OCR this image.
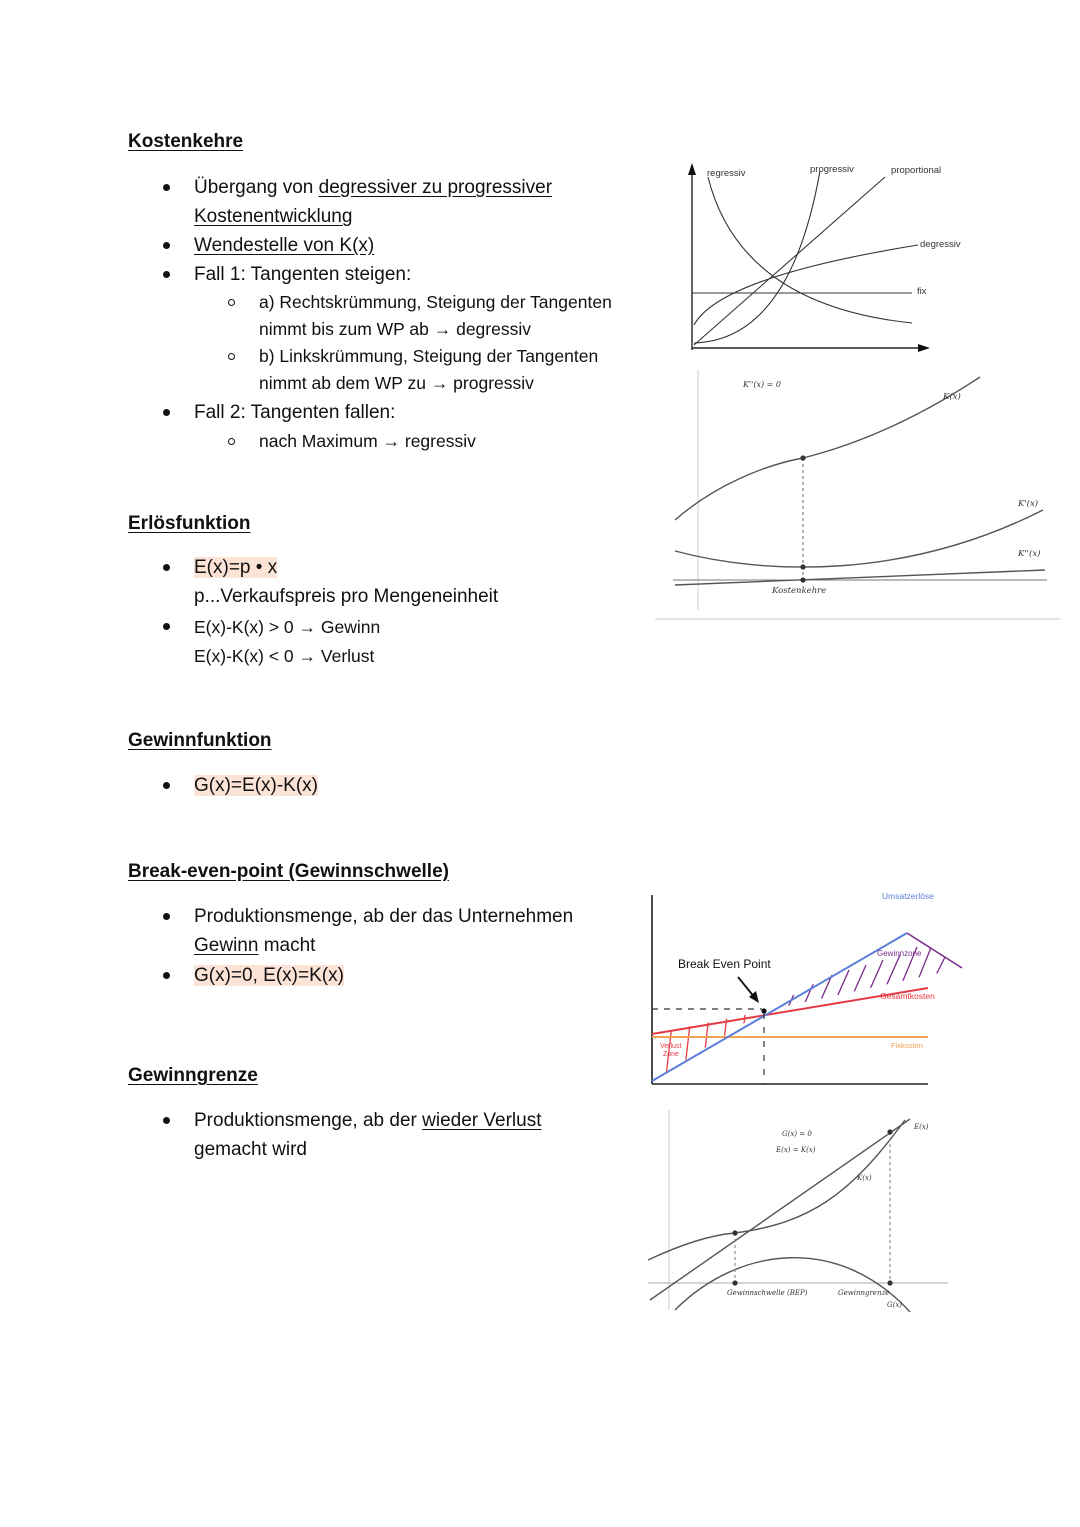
Kostenkehre
Übergang von degressiver zu progressiver
Kostenentwicklung
Wendestelle von K(x)
Fall 1: Tangenten steigen:
a) Rechtskrümmung, Steigung der Tangenten
nimmt bis zum WP ab → degressiv
b) Linkskrümmung, Steigung der Tangenten
nimmt ab dem WP zu → progressiv
Fall 2: Tangenten fallen:
nach Maximum → regressiv
Erlösfunktion
E(x)=p • x
p...Verkaufspreis pro Mengeneinheit
E(x)-K(x) > 0 → Gewinn
E(x)-K(x) < 0 → Verlust
Gewinnfunktion
G(x)=E(x)-K(x)
Break-even-point (Gewinnschwelle)
Produktionsmenge, ab der das Unternehmen
Gewinn macht
G(x)=0, E(x)=K(x)
Gewinngrenze
Produktionsmenge, ab der wieder Verlust
gemacht wird
regressiv	progressiv	proportional
degressiv
fix
K''(x) = 0
K(x)
K'(x)
K''(x)
Kostenkehre
Break Even Point
Umsatzerlöse
Gewinnzone
Gesamtkosten
Fixkosten
Verlust
Zone
G(x) = 0
E(x) = K(x)
E(x)
K(x)
G(x)
Gewinnschwelle (BEP)	Gewinngrenze
